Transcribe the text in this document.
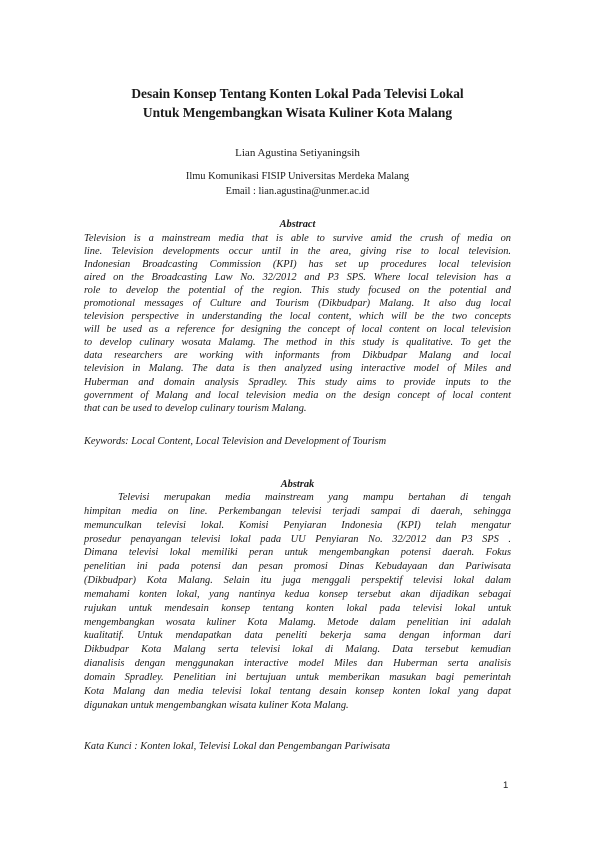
Desain Konsep Tentang Konten Lokal Pada Televisi Lokal
Untuk Mengembangkan Wisata Kuliner Kota Malang
Lian Agustina Setiyaningsih
Ilmu Komunikasi FISIP Universitas Merdeka Malang
Email : lian.agustina@unmer.ac.id
Abstract
Television is a mainstream media that is able to survive amid the crush of media on
line. Television developments occur until in the area, giving rise to local television.
Indonesian Broadcasting Commission (KPI) has set up procedures local television
aired on the Broadcasting Law No. 32/2012 and P3 SPS. Where local television has a
role to develop the potential of the region. This study focused on the potential and
promotional messages of Culture and Tourism (Dikbudpar) Malang. It also dug local
television perspective in understanding the local content, which will be the two concepts
will be used as a reference for designing the concept of local content on local television
to develop culinary wosata Malamg. The method in this study is qualitative. To get the
data researchers are working with informants from Dikbudpar Malang and local
television in Malang. The data is then analyzed using interactive model of Miles and
Huberman and domain analysis Spradley. This study aims to provide inputs to the
government of Malang and local television media on the design concept of local content
that can be used to develop culinary tourism Malang.
Keywords: Local Content, Local Television and Development of Tourism
Abstrak
Televisi merupakan media mainstream yang mampu bertahan di tengah
himpitan media on line. Perkembangan televisi terjadi sampai di daerah, sehingga
memunculkan televisi lokal. Komisi Penyiaran Indonesia (KPI) telah mengatur
prosedur penayangan televisi lokal pada UU Penyiaran No. 32/2012 dan P3 SPS .
Dimana televisi lokal memiliki peran untuk mengembangkan potensi daerah. Fokus
penelitian ini pada potensi dan pesan promosi Dinas Kebudayaan dan Pariwisata
(Dikbudpar) Kota Malang. Selain itu juga menggali perspektif televisi lokal dalam
memahami konten lokal, yang nantinya kedua konsep tersebut akan dijadikan sebagai
rujukan untuk mendesain konsep tentang konten lokal pada televisi lokal untuk
mengembangkan wosata kuliner Kota Malamg. Metode dalam penelitian ini adalah
kualitatif. Untuk mendapatkan data peneliti bekerja sama dengan informan dari
Dikbudpar Kota Malang serta televisi lokal di Malang. Data tersebut kemudian
dianalisis dengan menggunakan interactive model Miles dan Huberman serta analisis
domain Spradley. Penelitian ini bertujuan untuk memberikan masukan bagi pemerintah
Kota Malang dan media televisi lokal tentang desain konsep konten lokal yang dapat
digunakan untuk mengembangkan wisata kuliner Kota Malang.
Kata Kunci : Konten lokal, Televisi Lokal dan Pengembangan Pariwisata
1
